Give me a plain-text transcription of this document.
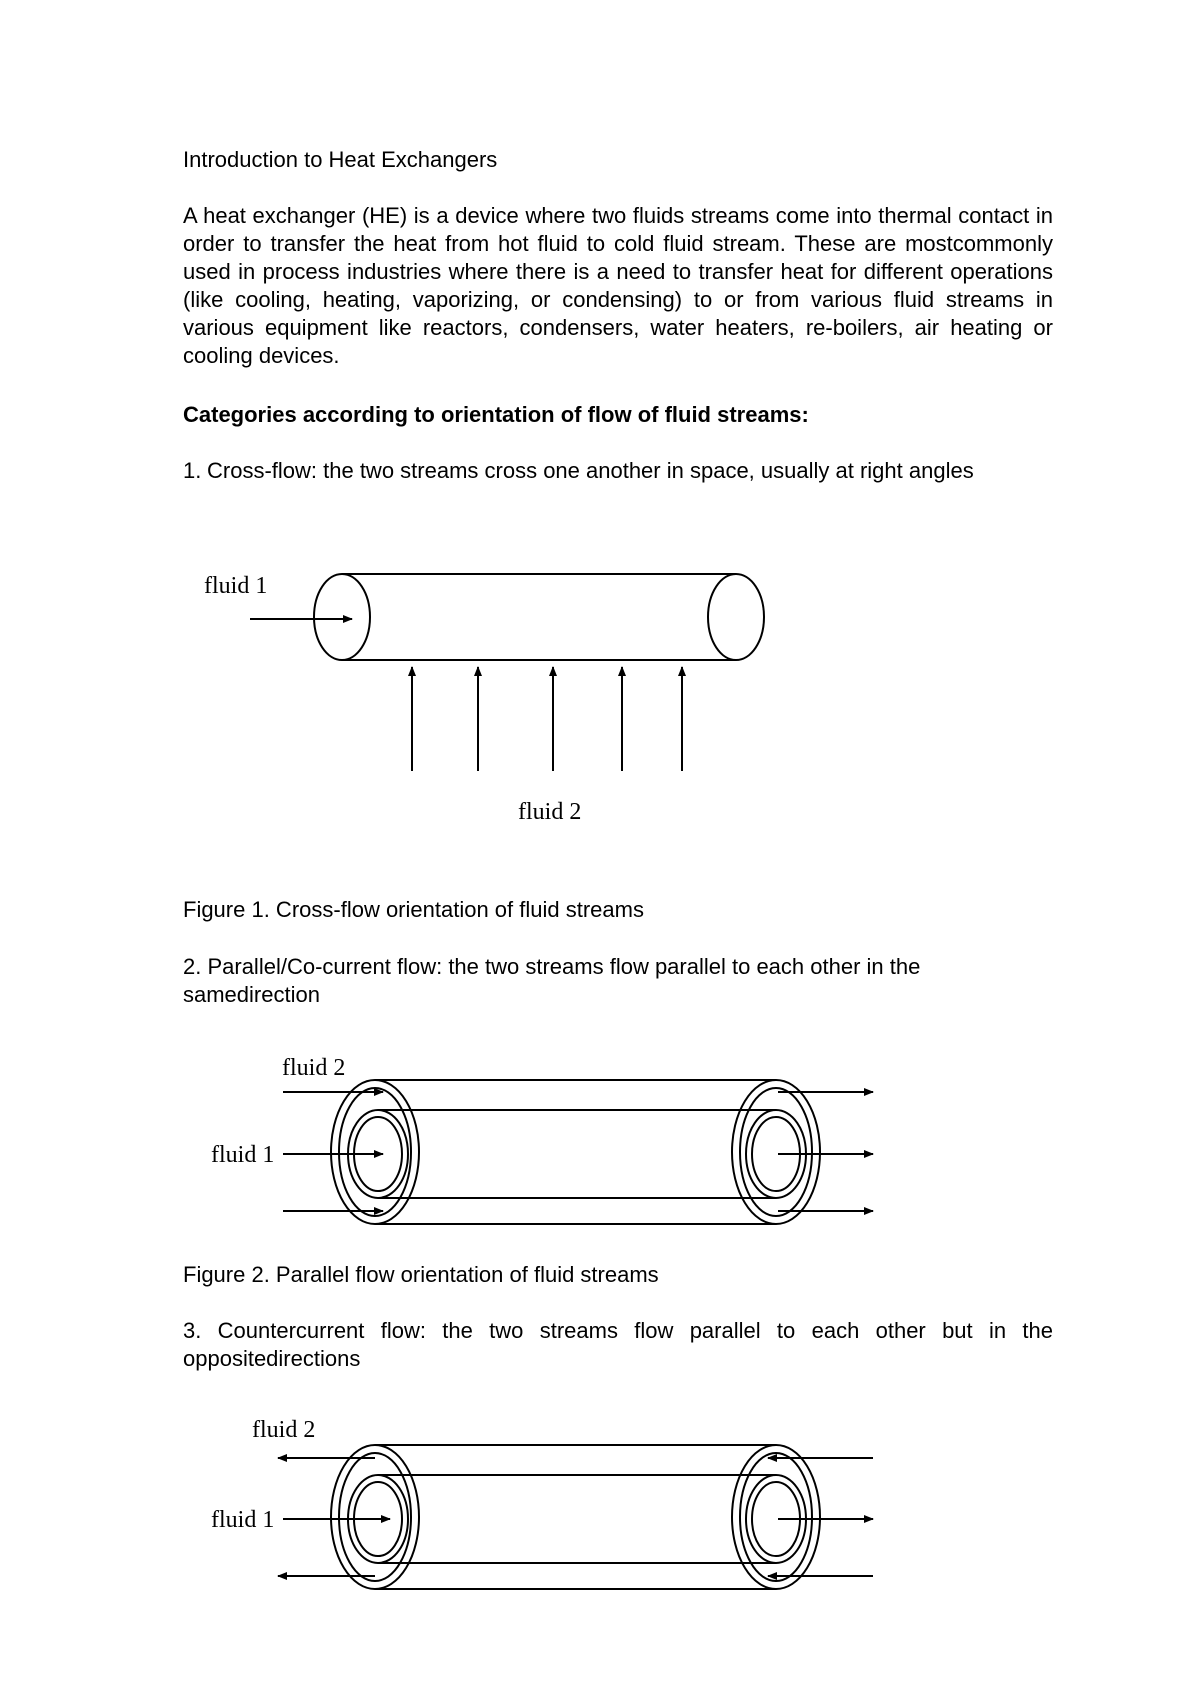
Introduction to Heat Exchangers
A heat exchanger (HE) is a device where two fluids streams come into thermal contact in order to transfer the heat from hot fluid to cold fluid stream. These are mostcommonly used in process industries where there is a need to transfer heat for different operations (like cooling, heating, vaporizing, or condensing) to or from various fluid streams in various equipment like reactors, condensers, water heaters, re-boilers, air heating or cooling devices.
Categories according to orientation of flow of fluid streams:
1. Cross-flow: the two streams cross one another in space, usually at right angles
fluid 1
fluid 2
Figure 1. Cross-flow orientation of fluid streams
2. Parallel/Co-current flow: the two streams flow parallel to each other in the samedirection
fluid 2
fluid 1
Figure 2. Parallel flow orientation of fluid streams
3. Countercurrent flow: the two streams flow parallel to each other but in the oppositedirections
fluid 2
fluid 1
